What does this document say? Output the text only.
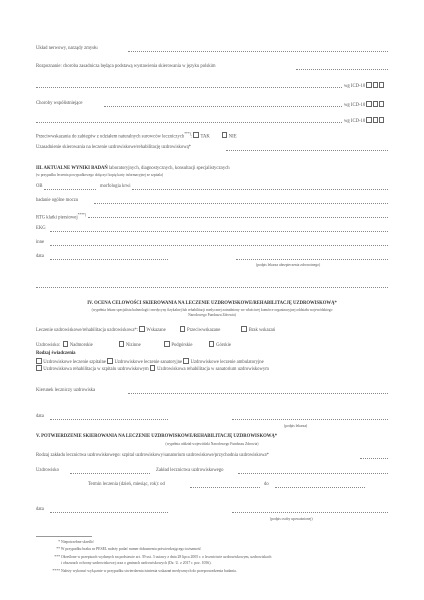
Układ nerwowy, narządy zmysłu
Rozpoznanie: choroba zasadnicza będąca podstawą wystawienia skierowania w języku polskim
wg ICD-10
Choroby współistniejące	wg ICD-10
wg ICD-10
Przeciwwskazania do zabiegów z udziałem naturalnych surowców leczniczych***):  TAK	NIE
Uzasadnienie skierowania na leczenie uzdrowiskowe/rehabilitację uzdrowiskową*
III. AKTUALNE WYNIKI BADAŃ laboratoryjnych, diagnostycznych, konsultacji specjalistycznych
(w przypadku leczenia powypadkowego dołączyć kopię karty informacyjnej ze szpitala)
OB	morfologia krwi
badanie ogólne moczu
RTG klatki piersiowej****)
EKG
inne
data
(podpis lekarza ubezpieczenia zdrowotnego)
IV. OCENA CELOWOŚCI SKIEROWANIA NA LECZENIE UZDROWISKOWE/REHABILITACJĘ UZDROWISKOWĄ*
(wypełnia lekarz specjalista balneologii i medycyny fizykalnej lub rehabilitacji medycznej zatrudniony we właściwej komórce organizacyjnej oddziału wojewódzkiego
Narodowego Funduszu Zdrowia)
Leczenie uzdrowiskowe/rehabilitacja uzdrowiskowa*: Wskazane	Przeciwwskazane	Brak wskazań
Uzdrowisko:   Nadmorskie	Nizinne	Podgórskie	Górskie
Rodzaj świadczenia
Uzdrowiskowe leczenie szpitalne Uzdrowiskowe leczenie sanatoryjne Uzdrowiskowe leczenie ambulatoryjne
Uzdrowiskowa rehabilitacja w szpitalu uzdrowiskowym Uzdrowiskowa rehabilitacja w sanatorium uzdrowiskowym
Kierunek leczniczy uzdrowiska
data
(podpis lekarza)
V. POTWIERDZENIE SKIEROWANIA NA LECZENIE UZDROWISKOWE/REHABILITACJĘ UZDROWISKOWĄ*
(wypełnia oddział wojewódzki Narodowego Funduszu Zdrowia)
Rodzaj zakładu lecznictwa uzdrowiskowego: szpital uzdrowiskowy/sanatorium uzdrowiskowe/przychodnia uzdrowiskowa*
Uzdrowisko	Zakład lecznictwa uzdrowiskowego
Termin leczenia (dzień, miesiąc, rok): od	do
data
(podpis osoby upoważnionej)
* Niepotrzebne skreślić
** W przypadku braku nr PESEL należy podać numer dokumentu potwierdzającego tożsamość
*** Określone w przepisach wydanych na podstawie art. 39 ust. 3 ustawy z dnia 28 lipca 2005 r. o lecznictwie uzdrowiskowym, uzdrowiskach
i obszarach ochrony uzdrowiskowej oraz o gminach uzdrowiskowych (Dz. U. z 2017 r. poz. 1056).
**** Należy wykonać wyłącznie w przypadku stwierdzenia istnienia wskazań medycznych do przeprowadzenia badania.
